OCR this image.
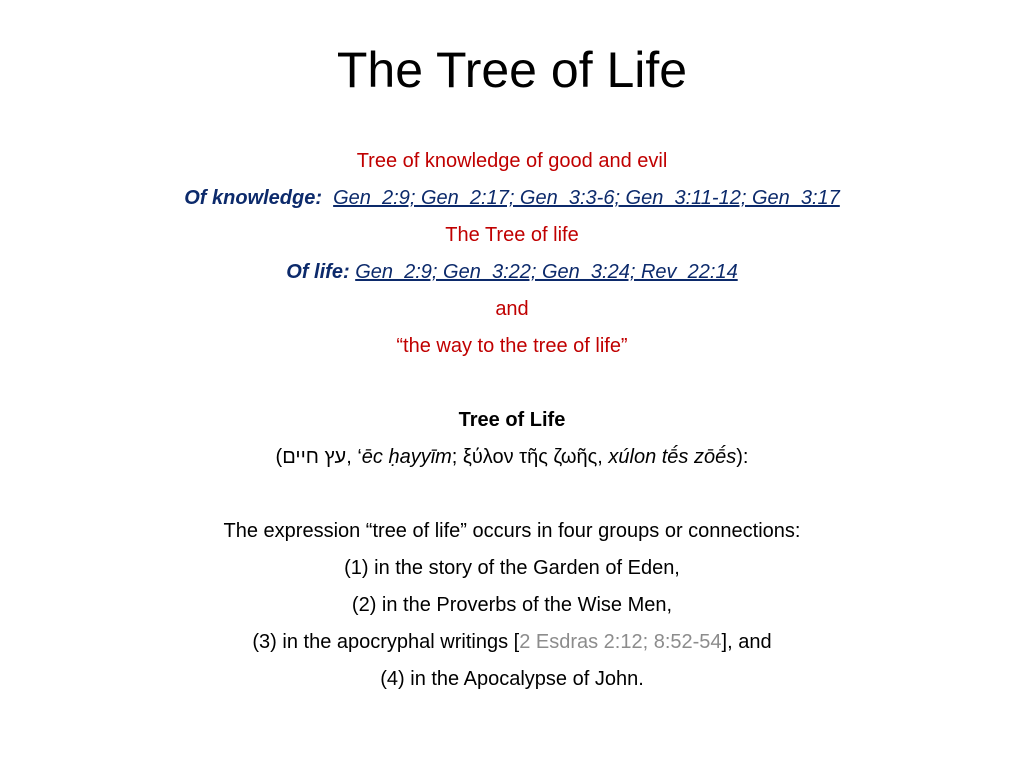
The Tree of Life
Tree of knowledge of good and evil
Of knowledge: Gen_2:9; Gen_2:17; Gen_3:3-6; Gen_3:11-12; Gen_3:17
The Tree of life
Of life: Gen_2:9; Gen_3:22; Gen_3:24; Rev_22:14
and
“the way to the tree of life”
Tree of Life
(עץ חיים, ‘ēc ḥayyīm; ξύλον τῆς ζωῆς, xúlon tḗs zōḗs):
The expression “tree of life” occurs in four groups or connections:
(1) in the story of the Garden of Eden,
(2) in the Proverbs of the Wise Men,
(3) in the apocryphal writings [2 Esdras 2:12; 8:52-54], and
(4) in the Apocalypse of John.
